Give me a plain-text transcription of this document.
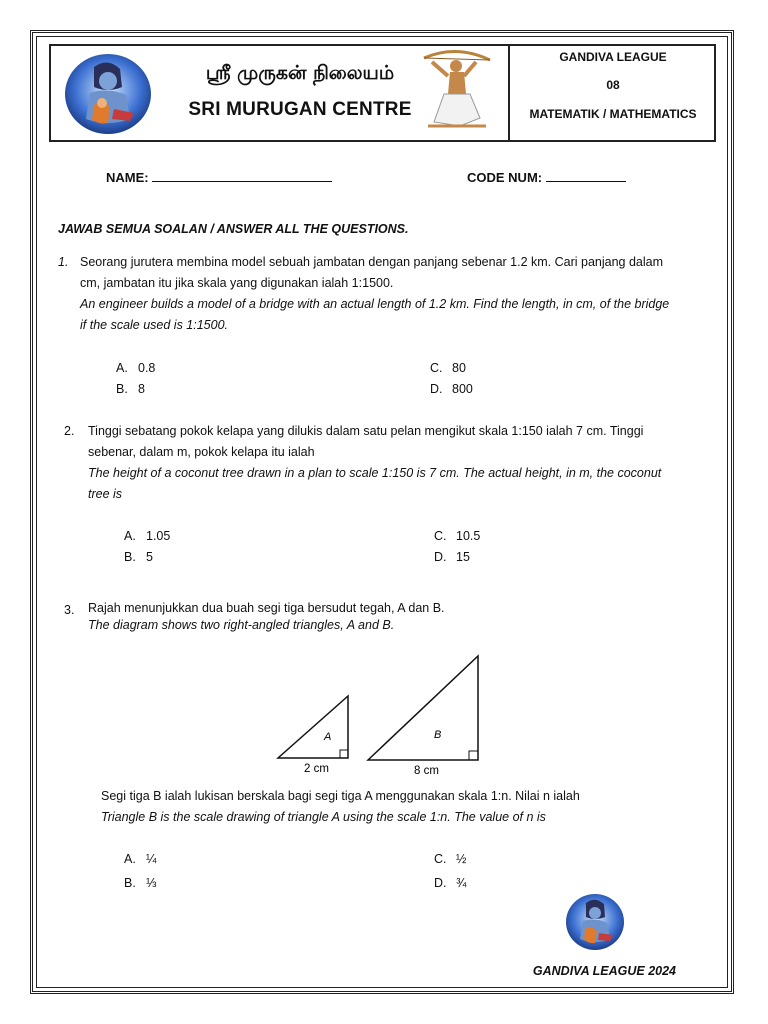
ஸ்ரீ முருகன் நிலையம்
SRI MURUGAN CENTRE
GANDIVA LEAGUE
08
MATEMATIK / MATHEMATICS
NAME:	CODE NUM:
JAWAB SEMUA SOALAN / ANSWER ALL THE QUESTIONS.
1. Seorang jurutera membina model sebuah jambatan dengan panjang sebenar 1.2 km. Cari panjang dalam
cm, jambatan itu jika skala yang digunakan ialah 1:1500.
An engineer builds a model of a bridge with an actual length of 1.2 km. Find the length, in cm, of the bridge
if the scale used is 1:1500.
A. 0.8
B. 8
C. 80
D. 800
2. Tinggi sebatang pokok kelapa yang dilukis dalam satu pelan mengikut skala 1:150 ialah 7 cm. Tinggi
sebenar, dalam m, pokok kelapa itu ialah
The height of a coconut tree drawn in a plan to scale 1:150 is 7 cm. The actual height, in m, the coconut
tree is
A. 1.05
B. 5
C. 10.5
D. 15
3. Rajah menunjukkan dua buah segi tiga bersudut tegah, A dan B.
The diagram shows two right-angled triangles, A and B.
A
2 cm
B
8 cm
Segi tiga B ialah lukisan berskala bagi segi tiga A menggunakan skala 1:n. Nilai n ialah
Triangle B is the scale drawing of triangle A using the scale 1:n. The value of n is
A. ¼
B. ⅓
C. ½
D. ¾
GANDIVA LEAGUE 2024
